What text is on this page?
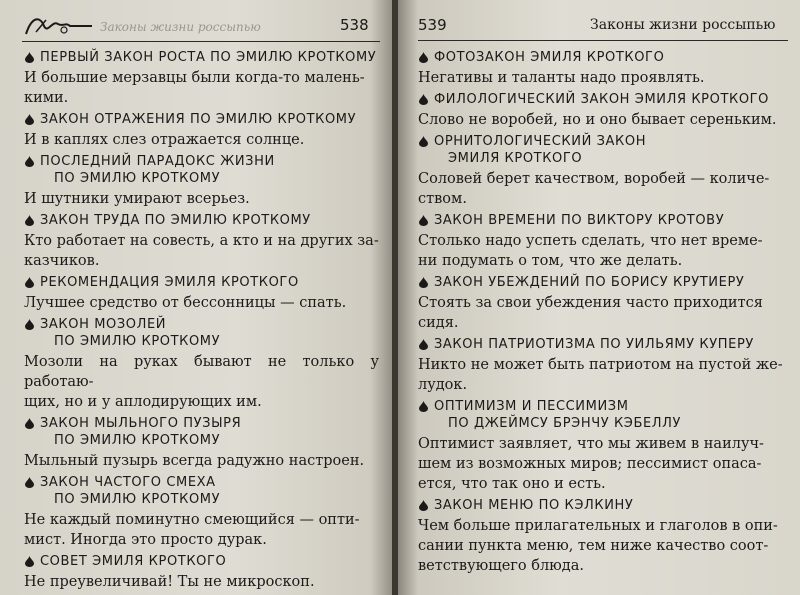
Законы жизни россыпью	538
ПЕРВЫЙ ЗАКОН РОСТА ПО ЭМИЛЮ КРОТКОМУ
И большие мерзавцы были когда-то малень-
кими.
ЗАКОН ОТРАЖЕНИЯ ПО ЭМИЛЮ КРОТКОМУ
И в каплях слез отражается солнце.
ПОСЛЕДНИЙ ПАРАДОКС ЖИЗНИ
ПО ЭМИЛЮ КРОТКОМУ
И шутники умирают всерьез.
ЗАКОН ТРУДА ПО ЭМИЛЮ КРОТКОМУ
Кто работает на совесть, а кто и на других за-
казчиков.
РЕКОМЕНДАЦИЯ ЭМИЛЯ КРОТКОГО
Лучшее средство от бессонницы — спать.
ЗАКОН МОЗОЛЕЙ
ПО ЭМИЛЮ КРОТКОМУ
Мозоли на руках бывают не только у работаю-
щих, но и у аплодирующих им.
ЗАКОН МЫЛЬНОГО ПУЗЫРЯ
ПО ЭМИЛЮ КРОТКОМУ
Мыльный пузырь всегда радужно настроен.
ЗАКОН ЧАСТОГО СМЕХА
ПО ЭМИЛЮ КРОТКОМУ
Не каждый поминутно смеющийся — опти-
мист. Иногда это просто дурак.
СОВЕТ ЭМИЛЯ КРОТКОГО
Не преувеличивай! Ты не микроскоп.
539	Законы жизни россыпью
ФОТОЗАКОН ЭМИЛЯ КРОТКОГО
Негативы и таланты надо проявлять.
ФИЛОЛОГИЧЕСКИЙ ЗАКОН ЭМИЛЯ КРОТКОГО
Слово не воробей, но и оно бывает сереньким.
ОРНИТОЛОГИЧЕСКИЙ ЗАКОН
ЭМИЛЯ КРОТКОГО
Соловей берет качеством, воробей — количе-
ством.
ЗАКОН ВРЕМЕНИ ПО ВИКТОРУ КРОТОВУ
Столько надо успеть сделать, что нет време-
ни подумать о том, что же делать.
ЗАКОН УБЕЖДЕНИЙ ПО БОРИСУ КРУТИЕРУ
Стоять за свои убеждения часто приходится
сидя.
ЗАКОН ПАТРИОТИЗМА ПО УИЛЬЯМУ КУПЕРУ
Никто не может быть патриотом на пустой же-
лудок.
ОПТИМИЗМ И ПЕССИМИЗМ
ПО ДЖЕЙМСУ БРЭНЧУ КЭБЕЛЛУ
Оптимист заявляет, что мы живем в наилуч-
шем из возможных миров; пессимист опаса-
ется, что так оно и есть.
ЗАКОН МЕНЮ ПО КЭЛКИНУ
Чем больше прилагательных и глаголов в опи-
сании пункта меню, тем ниже качество соот-
ветствующего блюда.
